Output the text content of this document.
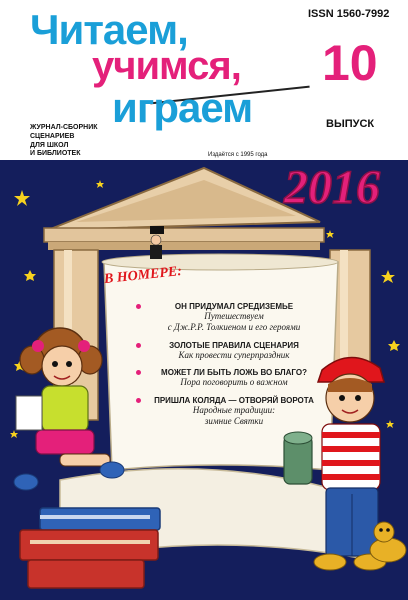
Читаем,
учимся,
играем
ISSN 1560-7992
10
ВЫПУСК
ЖУРНАЛ-СБОРНИК
СЦЕНАРИЕВ
ДЛЯ ШКОЛ
И БИБЛИОТЕК	Издаётся с 1995 года
2016
В НОМЕРЕ:
ОН ПРИДУМАЛ СРЕДИЗЕМЬЕ
Путешествуем
с Дж.Р.Р. Толкиеном и его героями
ЗОЛОТЫЕ ПРАВИЛА СЦЕНАРИЯ
Как провести суперпраздник
МОЖЕТ ЛИ БЫТЬ ЛОЖЬ ВО БЛАГО?
Пора поговорить о важном
ПРИШЛА КОЛЯДА — ОТВОРЯЙ ВОРОТА
Народные традиции:
зимние Святки
